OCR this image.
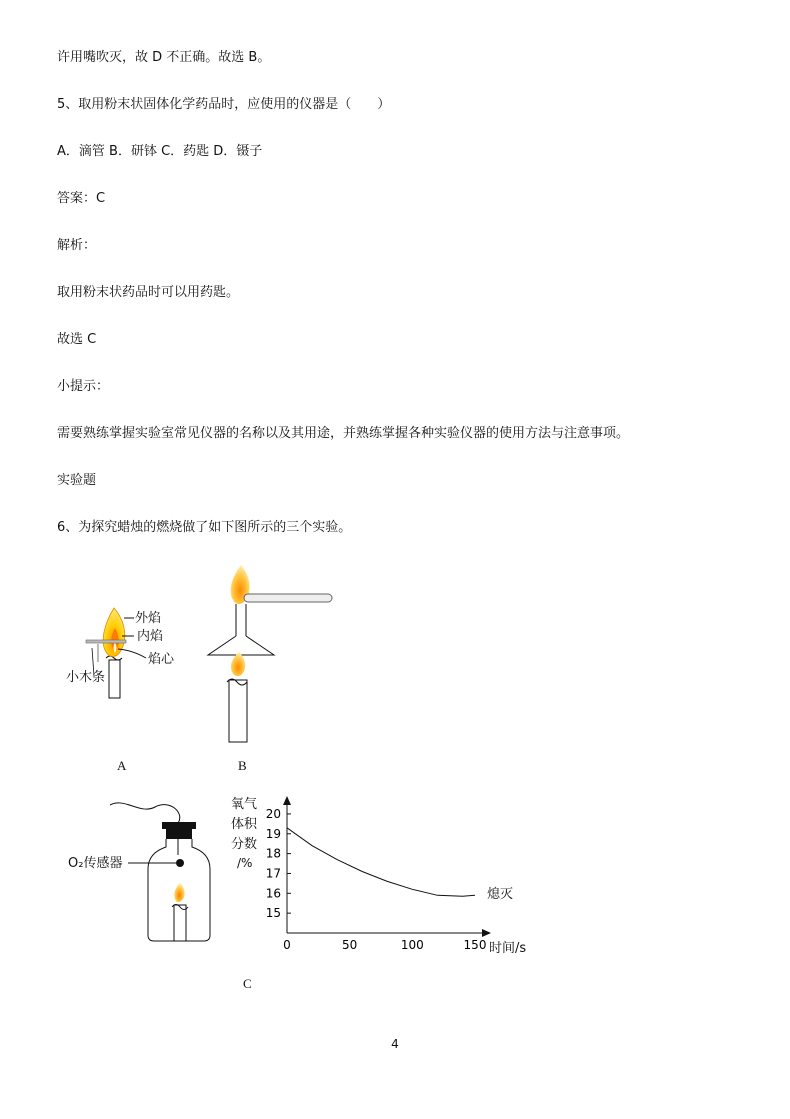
许用嘴吹灭，故 D 不正确。故选 B。
5、取用粉末状固体化学药品时，应使用的仪器是（　　）
A．滴管 B．研钵 C．药匙 D．镊子
答案：C
解析：
取用粉末状药品时可以用药匙。
故选 C
小提示：
需要熟练掌握实验室常见仪器的名称以及其用途，并熟练掌握各种实验仪器的使用方法与注意事项。
实验题
6、为探究蜡烛的燃烧做了如下图所示的三个实验。
外焰
内焰
焰心
小木条
A	B
O₂传感器
C
氧气
体积
分数
/%
15
16
17
18
19
20
0	50	100	150
熄灭
时间/s
4
